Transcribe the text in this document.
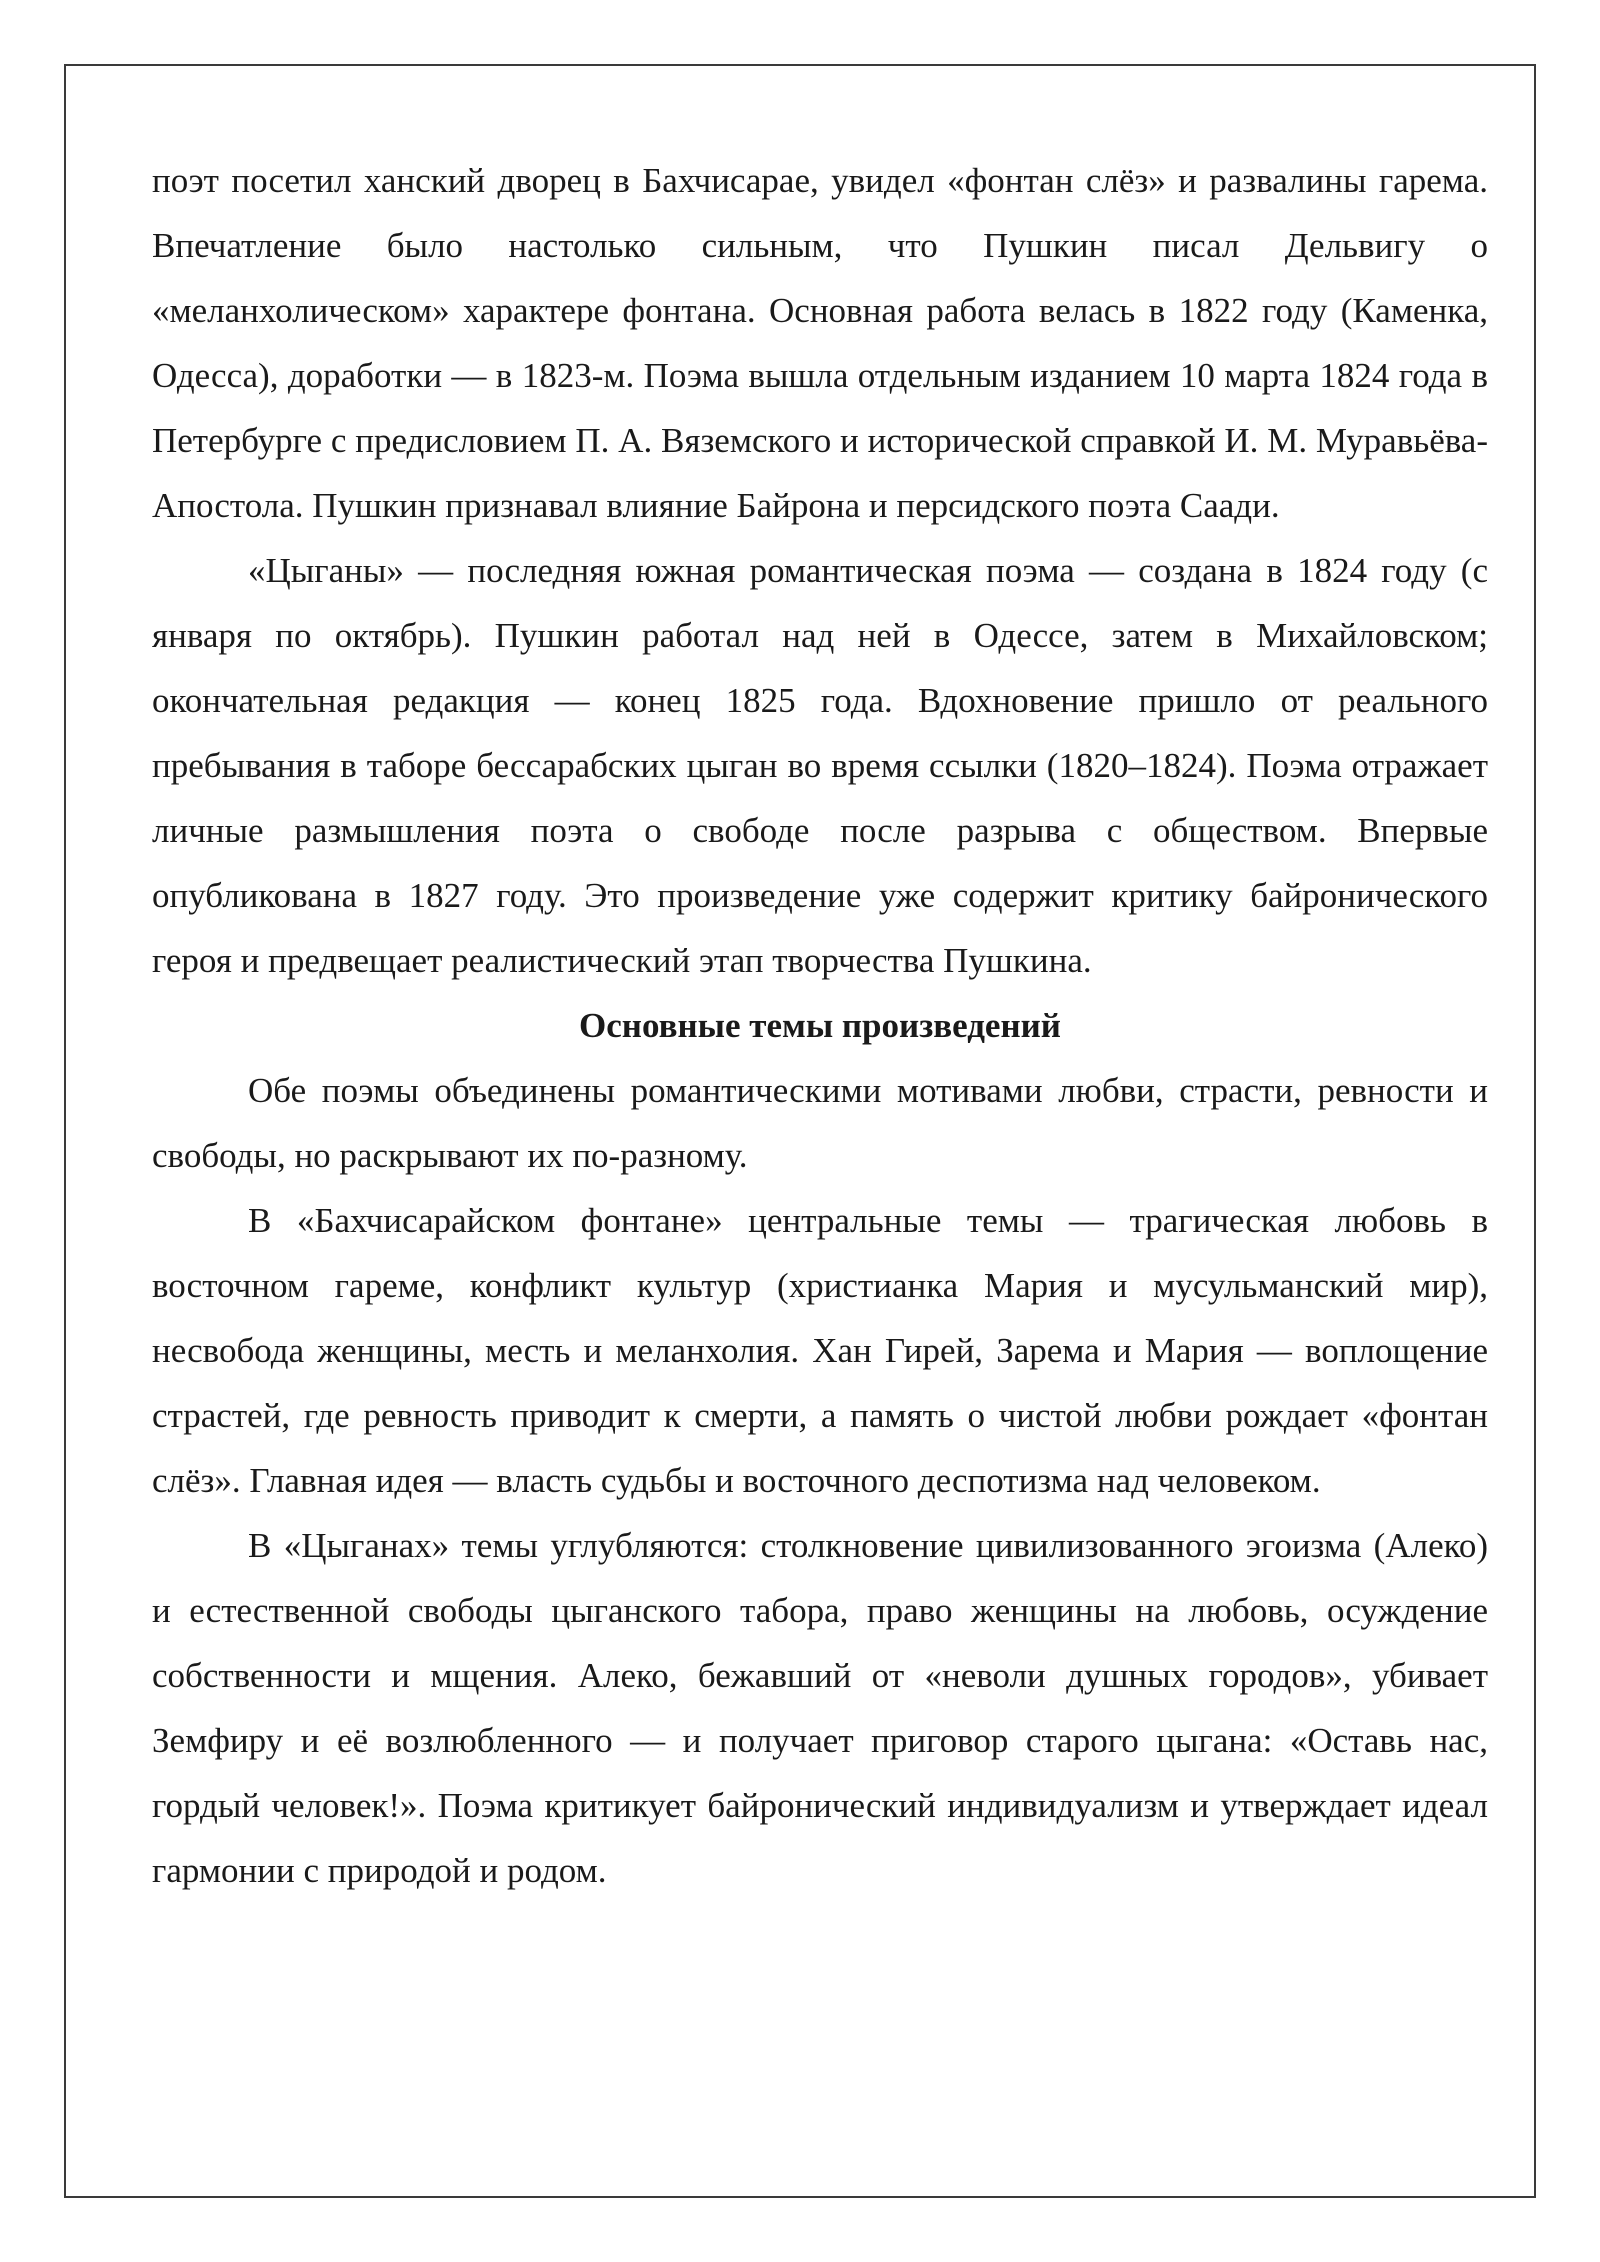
поэт посетил ханский дворец в Бахчисарае, увидел «фонтан слёз» и развалины гарема. Впечатление было настолько сильным, что Пушкин писал Дельвигу о «меланхолическом» характере фонтана. Основная работа велась в 1822 году (Каменка, Одесса), доработки — в 1823-м. Поэма вышла отдельным изданием 10 марта 1824 года в Петербурге с предисловием П. А. Вяземского и исторической справкой И. М. Муравьёва-Апостола. Пушкин признавал влияние Байрона и персидского поэта Саади.

«Цыганы» — последняя южная романтическая поэма — создана в 1824 году (с января по октябрь). Пушкин работал над ней в Одессе, затем в Михайловском; окончательная редакция — конец 1825 года. Вдохновение пришло от реального пребывания в таборе бессарабских цыган во время ссылки (1820–1824). Поэма отражает личные размышления поэта о свободе после разрыва с обществом. Впервые опубликована в 1827 году. Это произведение уже содержит критику байронического героя и предвещает реалистический этап творчества Пушкина.

Основные темы произведений

Обе поэмы объединены романтическими мотивами любви, страсти, ревности и свободы, но раскрывают их по-разному.

В «Бахчисарайском фонтане» центральные темы — трагическая любовь в восточном гареме, конфликт культур (христианка Мария и мусульманский мир), несвобода женщины, месть и меланхолия. Хан Гирей, Зарема и Мария — воплощение страстей, где ревность приводит к смерти, а память о чистой любви рождает «фонтан слёз». Главная идея — власть судьбы и восточного деспотизма над человеком.

В «Цыганах» темы углубляются: столкновение цивилизованного эгоизма (Алеко) и естественной свободы цыганского табора, право женщины на любовь, осуждение собственности и мщения. Алеко, бежавший от «неволи душных городов», убивает Земфиру и её возлюбленного — и получает приговор старого цыгана: «Оставь нас, гордый человек!». Поэма критикует байронический индивидуализм и утверждает идеал гармонии с природой и родом.
